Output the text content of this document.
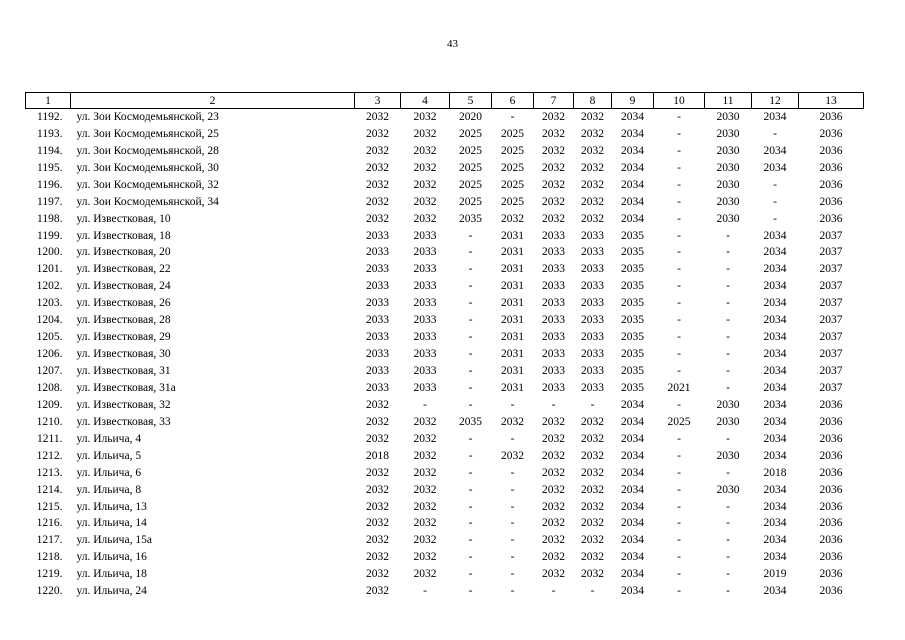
43
1	2	3	4	5	6	7	8	9	10	11	12	13
1192.	ул. Зои Космодемьянской, 23	2032	2032	2020	-	2032	2032	2034	-	2030	2034	2036
1193.	ул. Зои Космодемьянской, 25	2032	2032	2025	2025	2032	2032	2034	-	2030	-	2036
1194.	ул. Зои Космодемьянской, 28	2032	2032	2025	2025	2032	2032	2034	-	2030	2034	2036
1195.	ул. Зои Космодемьянской, 30	2032	2032	2025	2025	2032	2032	2034	-	2030	2034	2036
1196.	ул. Зои Космодемьянской, 32	2032	2032	2025	2025	2032	2032	2034	-	2030	-	2036
1197.	ул. Зои Космодемьянской, 34	2032	2032	2025	2025	2032	2032	2034	-	2030	-	2036
1198.	ул. Известковая, 10	2032	2032	2035	2032	2032	2032	2034	-	2030	-	2036
1199.	ул. Известковая, 18	2033	2033	-	2031	2033	2033	2035	-	-	2034	2037
1200.	ул. Известковая, 20	2033	2033	-	2031	2033	2033	2035	-	-	2034	2037
1201.	ул. Известковая, 22	2033	2033	-	2031	2033	2033	2035	-	-	2034	2037
1202.	ул. Известковая, 24	2033	2033	-	2031	2033	2033	2035	-	-	2034	2037
1203.	ул. Известковая, 26	2033	2033	-	2031	2033	2033	2035	-	-	2034	2037
1204.	ул. Известковая, 28	2033	2033	-	2031	2033	2033	2035	-	-	2034	2037
1205.	ул. Известковая, 29	2033	2033	-	2031	2033	2033	2035	-	-	2034	2037
1206.	ул. Известковая, 30	2033	2033	-	2031	2033	2033	2035	-	-	2034	2037
1207.	ул. Известковая, 31	2033	2033	-	2031	2033	2033	2035	-	-	2034	2037
1208.	ул. Известковая, 31а	2033	2033	-	2031	2033	2033	2035	2021	-	2034	2037
1209.	ул. Известковая, 32	2032	-	-	-	-	-	2034	-	2030	2034	2036
1210.	ул. Известковая, 33	2032	2032	2035	2032	2032	2032	2034	2025	2030	2034	2036
1211.	ул. Ильича, 4	2032	2032	-	-	2032	2032	2034	-	-	2034	2036
1212.	ул. Ильича, 5	2018	2032	-	2032	2032	2032	2034	-	2030	2034	2036
1213.	ул. Ильича, 6	2032	2032	-	-	2032	2032	2034	-	-	2018	2036
1214.	ул. Ильича, 8	2032	2032	-	-	2032	2032	2034	-	2030	2034	2036
1215.	ул. Ильича, 13	2032	2032	-	-	2032	2032	2034	-	-	2034	2036
1216.	ул. Ильича, 14	2032	2032	-	-	2032	2032	2034	-	-	2034	2036
1217.	ул. Ильича, 15а	2032	2032	-	-	2032	2032	2034	-	-	2034	2036
1218.	ул. Ильича, 16	2032	2032	-	-	2032	2032	2034	-	-	2034	2036
1219.	ул. Ильича, 18	2032	2032	-	-	2032	2032	2034	-	-	2019	2036
1220.	ул. Ильича, 24	2032	-	-	-	-	-	2034	-	-	2034	2036
